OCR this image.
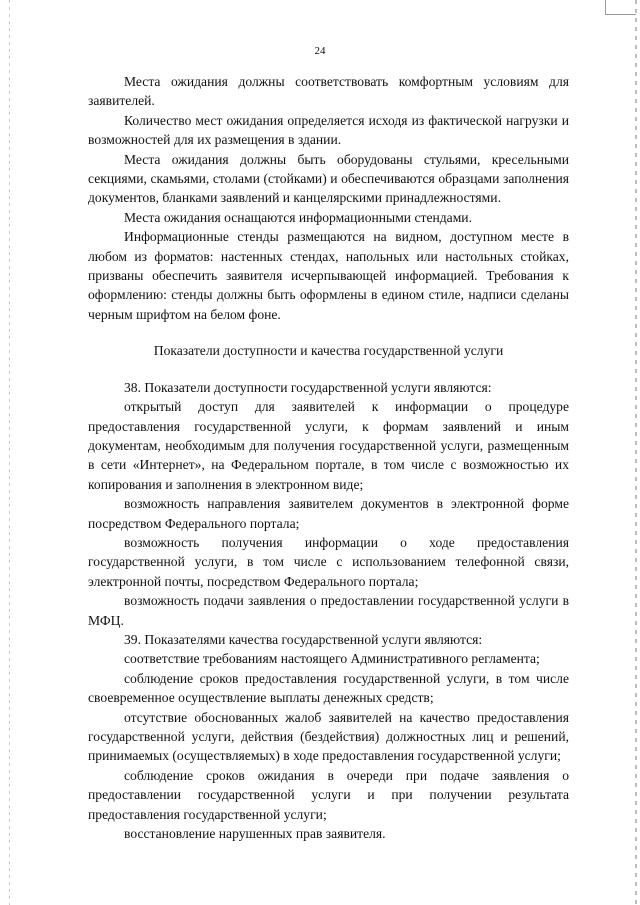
24

Места ожидания должны соответствовать комфортным условиям для заявителей.

Количество мест ожидания определяется исходя из фактической нагрузки и возможностей для их размещения в здании.

Места ожидания должны быть оборудованы стульями, кресельными секциями, скамьями, столами (стойками) и обеспечиваются образцами заполнения документов, бланками заявлений и канцелярскими принадлежностями.

Места ожидания оснащаются информационными стендами.

Информационные стенды размещаются на видном, доступном месте в любом из форматов: настенных стендах, напольных или настольных стойках, призваны обеспечить заявителя исчерпывающей информацией. Требования к оформлению: стенды должны быть оформлены в едином стиле, надписи сделаны черным шрифтом на белом фоне.

Показатели доступности и качества государственной услуги

38. Показатели доступности государственной услуги являются:

открытый доступ для заявителей к информации о процедуре предоставления государственной услуги, к формам заявлений и иным документам, необходимым для получения государственной услуги, размещенным в сети «Интернет», на Федеральном портале, в том числе с возможностью их копирования и заполнения в электронном виде;

возможность направления заявителем документов в электронной форме посредством Федерального портала;

возможность получения информации о ходе предоставления государственной услуги, в том числе с использованием телефонной связи, электронной почты, посредством Федерального портала;

возможность подачи заявления о предоставлении государственной услуги в МФЦ.

39. Показателями качества государственной услуги являются:

соответствие требованиям настоящего Административного регламента;

соблюдение сроков предоставления государственной услуги, в том числе своевременное осуществление выплаты денежных средств;

отсутствие обоснованных жалоб заявителей на качество предоставления государственной услуги, действия (бездействия) должностных лиц и решений, принимаемых (осуществляемых) в ходе предоставления государственной услуги;

соблюдение сроков ожидания в очереди при подаче заявления о предоставлении государственной услуги и при получении результата предоставления государственной услуги;

восстановление нарушенных прав заявителя.
